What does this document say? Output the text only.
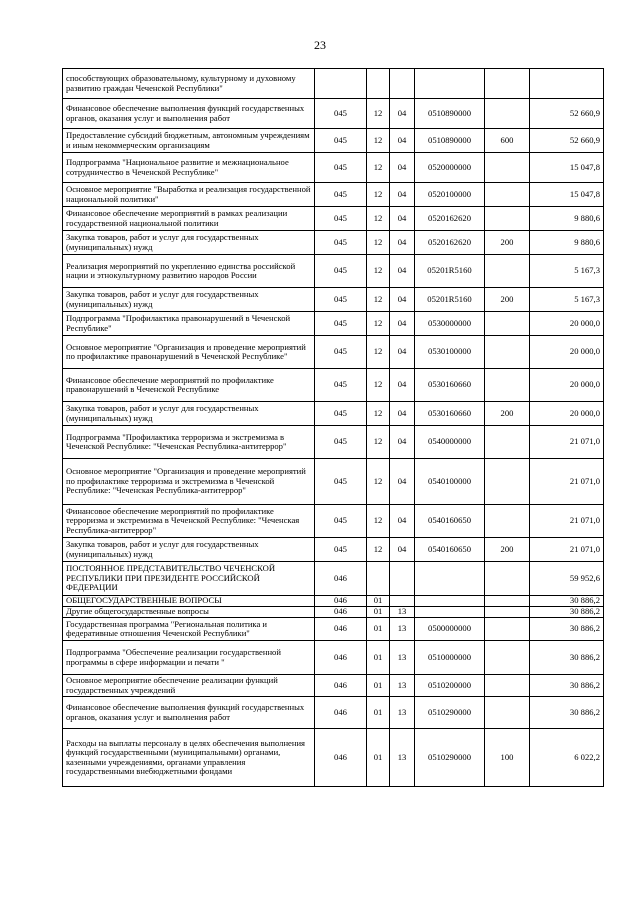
23
способствующих образовательному, культурному и духовному развитию граждан Чеченской Республики"						
Финансовое обеспечение выполнения функций государственных органов, оказания услуг и выполнения работ	045	12	04	0510890000		52 660,9
Предоставление субсидий бюджетным, автономным учреждениям и иным некоммерческим организациям	045	12	04	0510890000	600	52 660,9
Подпрограмма "Национальное развитие и межнациональное сотрудничество в Чеченской Республике"	045	12	04	0520000000		15 047,8
Основное мероприятие "Выработка и реализация государственной национальной политики"	045	12	04	0520100000		15 047,8
Финансовое обеспечение мероприятий в рамках реализации государственной национальной политики	045	12	04	0520162620		9 880,6
Закупка товаров, работ и услуг для государственных (муниципальных) нужд	045	12	04	0520162620	200	9 880,6
Реализация мероприятий по укреплению единства российской нации и этнокультурному развитию народов России	045	12	04	05201R5160		5 167,3
Закупка товаров, работ и услуг для государственных (муниципальных) нужд	045	12	04	05201R5160	200	5 167,3
Подпрограмма "Профилактика правонарушений в Чеченской Республике"	045	12	04	0530000000		20 000,0
Основное мероприятие "Организация и проведение мероприятий по профилактике правонарушений в Чеченской Республике"	045	12	04	0530100000		20 000,0
Финансовое обеспечение мероприятий по профилактике правонарушений в Чеченской Республике	045	12	04	0530160660		20 000,0
Закупка товаров, работ и услуг для государственных (муниципальных) нужд	045	12	04	0530160660	200	20 000,0
Подпрограмма "Профилактика терроризма и экстремизма в Чеченской Республике: "Чеченская Республика-антитеррор"	045	12	04	0540000000		21 071,0
Основное мероприятие "Организация и проведение мероприятий по профилактике терроризма и экстремизма в Чеченской Республике: "Чеченская Республика-антитеррор"	045	12	04	0540100000		21 071,0
Финансовое обеспечение мероприятий по профилактике терроризма и экстремизма в Чеченской Республике: "Чеченская Республика-антитеррор"	045	12	04	0540160650		21 071,0
Закупка товаров, работ и услуг для государственных (муниципальных) нужд	045	12	04	0540160650	200	21 071,0
ПОСТОЯННОЕ ПРЕДСТАВИТЕЛЬСТВО ЧЕЧЕНСКОЙ РЕСПУБЛИКИ ПРИ ПРЕЗИДЕНТЕ РОССИЙСКОЙ ФЕДЕРАЦИИ	046					59 952,6
ОБЩЕГОСУДАРСТВЕННЫЕ ВОПРОСЫ	046	01				30 886,2
Другие общегосударственные вопросы	046	01	13			30 886,2
Государственная программа "Региональная политика и федеративные отношения Чеченской Республики"	046	01	13	0500000000		30 886,2
Подпрограмма "Обеспечение реализации государственной программы в сфере информации и печати "	046	01	13	0510000000		30 886,2
Основное мероприятие обеспечение реализации функций государственных учреждений	046	01	13	0510200000		30 886,2
Финансовое обеспечение выполнения функций государственных органов, оказания услуг и выполнения работ	046	01	13	0510290000		30 886,2
Расходы на выплаты персоналу в целях обеспечения выполнения функций государственными (муниципальными) органами, казенными учреждениями, органами управления государственными внебюджетными фондами	046	01	13	0510290000	100	6 022,2
